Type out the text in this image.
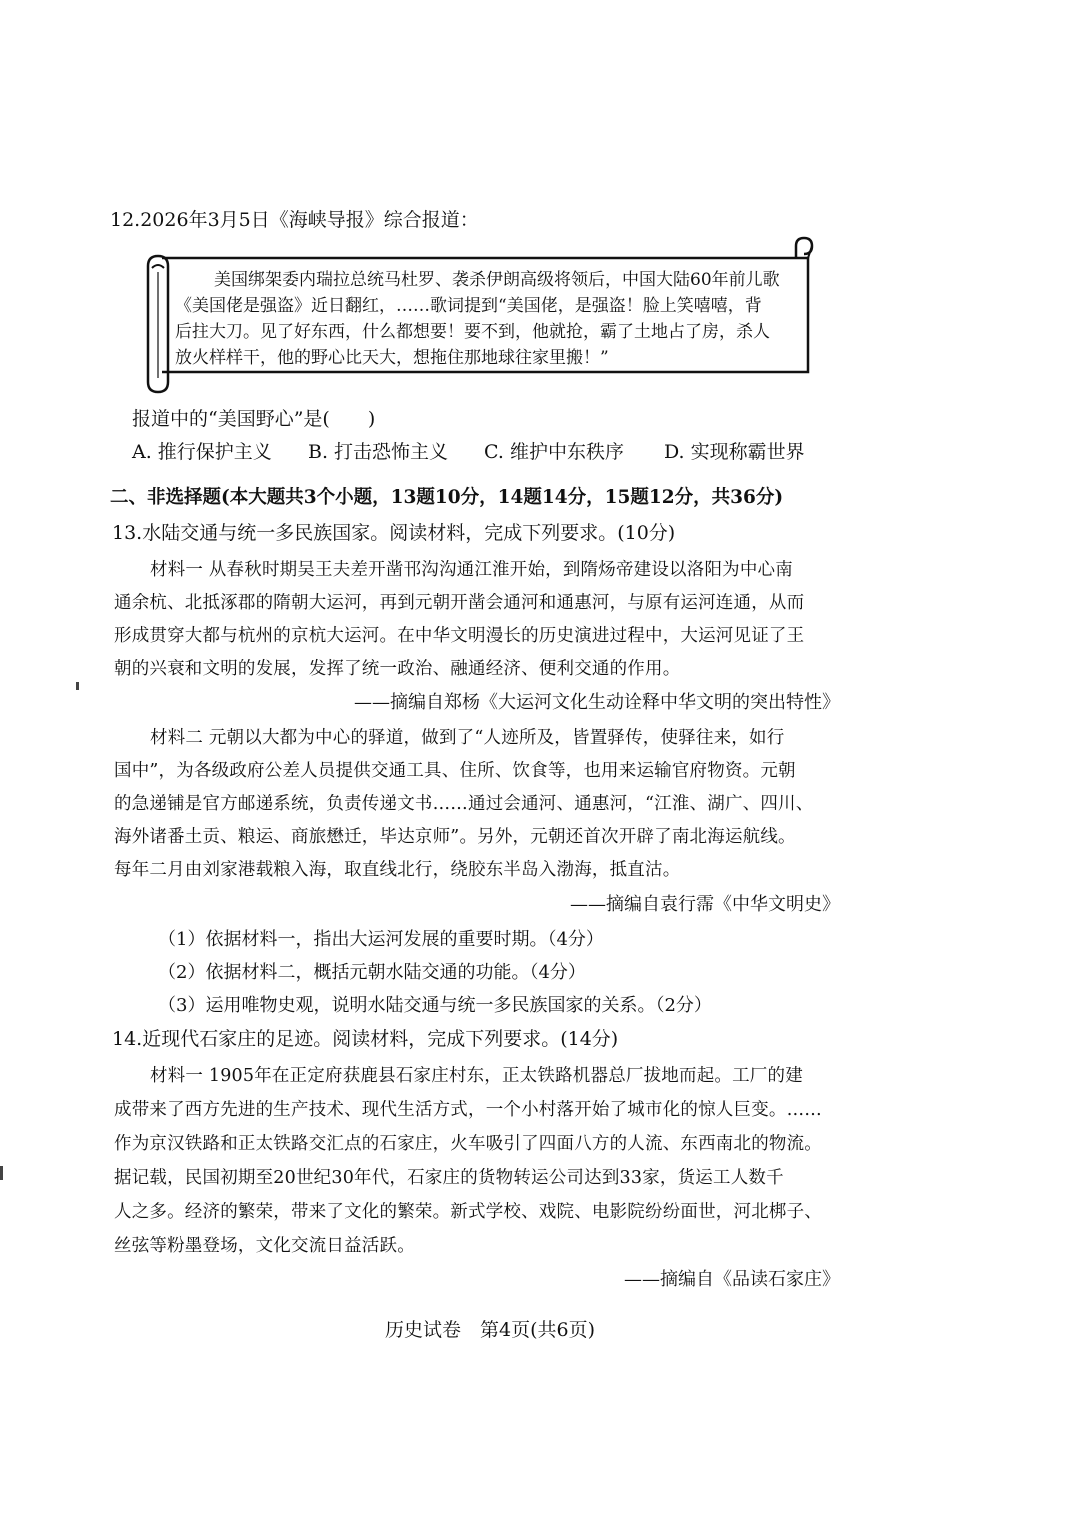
12.2026年3月5日《海峡导报》综合报道：
美国绑架委内瑞拉总统马杜罗、袭杀伊朗高级将领后，中国大陆60年前儿歌
《美国佬是强盗》近日翻红，……歌词提到“美国佬，是强盗！脸上笑嘻嘻，背
后拄大刀。见了好东西，什么都想要！要不到，他就抢，霸了土地占了房，杀人
放火样样干，他的野心比天大，想拖住那地球往家里搬！”
报道中的“美国野心”是(　　)
A. 推行保护主义 B. 打击恐怖主义 C. 维护中东秩序 D. 实现称霸世界
二、非选择题(本大题共3个小题，13题10分，14题14分，15题12分，共36分)
13.水陆交通与统一多民族国家。阅读材料，完成下列要求。(10分)
材料一 从春秋时期吴王夫差开凿邗沟沟通江淮开始，到隋炀帝建设以洛阳为中心南
通余杭、北抵涿郡的隋朝大运河，再到元朝开凿会通河和通惠河，与原有运河连通，从而
形成贯穿大都与杭州的京杭大运河。在中华文明漫长的历史演进过程中，大运河见证了王
朝的兴衰和文明的发展，发挥了统一政治、融通经济、便利交通的作用。
——摘编自郑杨《大运河文化生动诠释中华文明的突出特性》
材料二 元朝以大都为中心的驿道，做到了“人迹所及，皆置驿传，使驿往来，如行
国中”，为各级政府公差人员提供交通工具、住所、饮食等，也用来运输官府物资。元朝
的急递铺是官方邮递系统，负责传递文书……通过会通河、通惠河，“江淮、湖广、四川、
海外诸番土贡、粮运、商旅懋迁，毕达京师”。另外，元朝还首次开辟了南北海运航线。
每年二月由刘家港载粮入海，取直线北行，绕胶东半岛入渤海，抵直沽。
——摘编自袁行霈《中华文明史》
（1）依据材料一，指出大运河发展的重要时期。（4分）
（2）依据材料二，概括元朝水陆交通的功能。（4分）
（3）运用唯物史观，说明水陆交通与统一多民族国家的关系。（2分）
14.近现代石家庄的足迹。阅读材料，完成下列要求。(14分)
材料一 1905年在正定府获鹿县石家庄村东，正太铁路机器总厂拔地而起。工厂的建
成带来了西方先进的生产技术、现代生活方式，一个小村落开始了城市化的惊人巨变。……
作为京汉铁路和正太铁路交汇点的石家庄，火车吸引了四面八方的人流、东西南北的物流。
据记载，民国初期至20世纪30年代，石家庄的货物转运公司达到33家，货运工人数千
人之多。经济的繁荣，带来了文化的繁荣。新式学校、戏院、电影院纷纷面世，河北梆子、
丝弦等粉墨登场，文化交流日益活跃。
——摘编自《品读石家庄》
历史试卷　第4页(共6页)
